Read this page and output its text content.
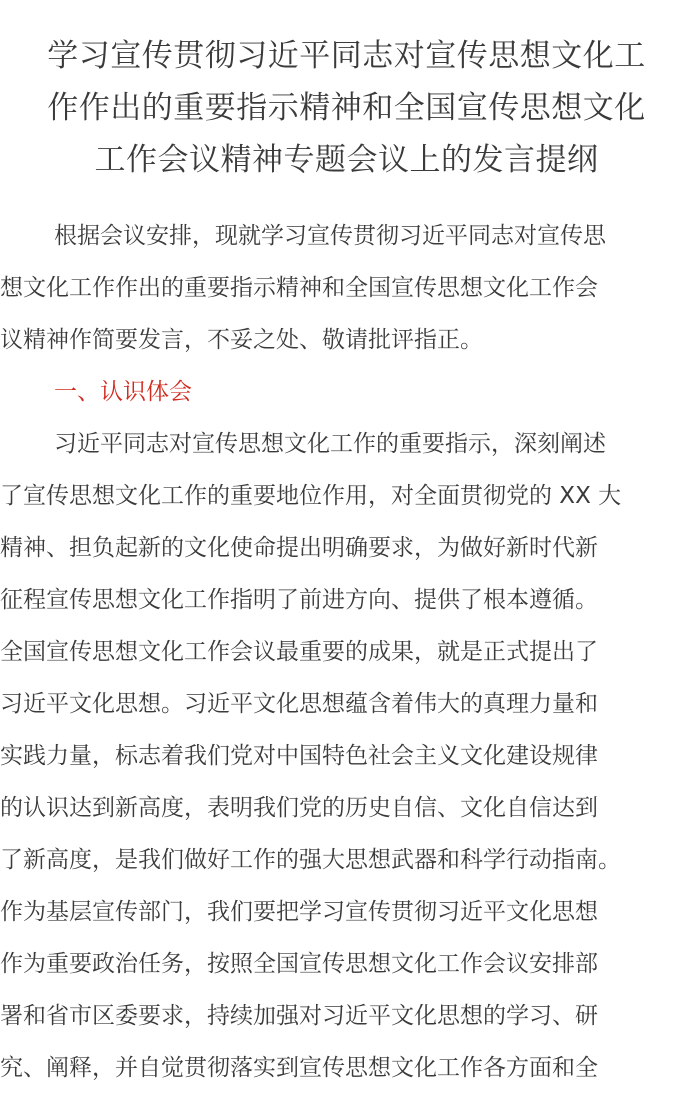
学习宣传贯彻习近平同志对宣传思想文化工
作作出的重要指示精神和全国宣传思想文化
工作会议精神专题会议上的发言提纲
根据会议安排，现就学习宣传贯彻习近平同志对宣传思
想文化工作作出的重要指示精神和全国宣传思想文化工作会
议精神作简要发言，不妥之处、敬请批评指正。
一、认识体会
习近平同志对宣传思想文化工作的重要指示，深刻阐述
了宣传思想文化工作的重要地位作用，对全面贯彻党的 XX 大
精神、担负起新的文化使命提出明确要求，为做好新时代新
征程宣传思想文化工作指明了前进方向、提供了根本遵循。
全国宣传思想文化工作会议最重要的成果，就是正式提出了
习近平文化思想。习近平文化思想蕴含着伟大的真理力量和
实践力量，标志着我们党对中国特色社会主义文化建设规律
的认识达到新高度，表明我们党的历史自信、文化自信达到
了新高度，是我们做好工作的强大思想武器和科学行动指南。
作为基层宣传部门，我们要把学习宣传贯彻习近平文化思想
作为重要政治任务，按照全国宣传思想文化工作会议安排部
署和省市区委要求，持续加强对习近平文化思想的学习、研
究、阐释，并自觉贯彻落实到宣传思想文化工作各方面和全
